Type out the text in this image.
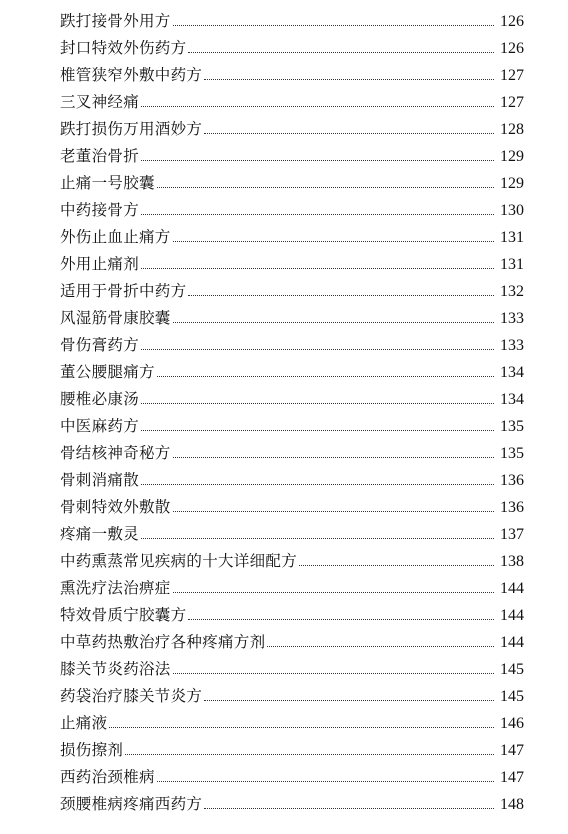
跌打接骨外用方	126
封口特效外伤药方	126
椎管狭窄外敷中药方	127
三叉神经痛	127
跌打损伤万用酒妙方	128
老董治骨折	129
止痛一号胶囊	129
中药接骨方	130
外伤止血止痛方	131
外用止痛剂	131
适用于骨折中药方	132
风湿筋骨康胶囊	133
骨伤膏药方	133
董公腰腿痛方	134
腰椎必康汤	134
中医麻药方	135
骨结核神奇秘方	135
骨刺消痛散	136
骨刺特效外敷散	136
疼痛一敷灵	137
中药熏蒸常见疾病的十大详细配方	138
熏洗疗法治痹症	144
特效骨质宁胶囊方	144
中草药热敷治疗各种疼痛方剂	144
膝关节炎药浴法	145
药袋治疗膝关节炎方	145
止痛液	146
损伤擦剂	147
西药治颈椎病	147
颈腰椎病疼痛西药方	148
